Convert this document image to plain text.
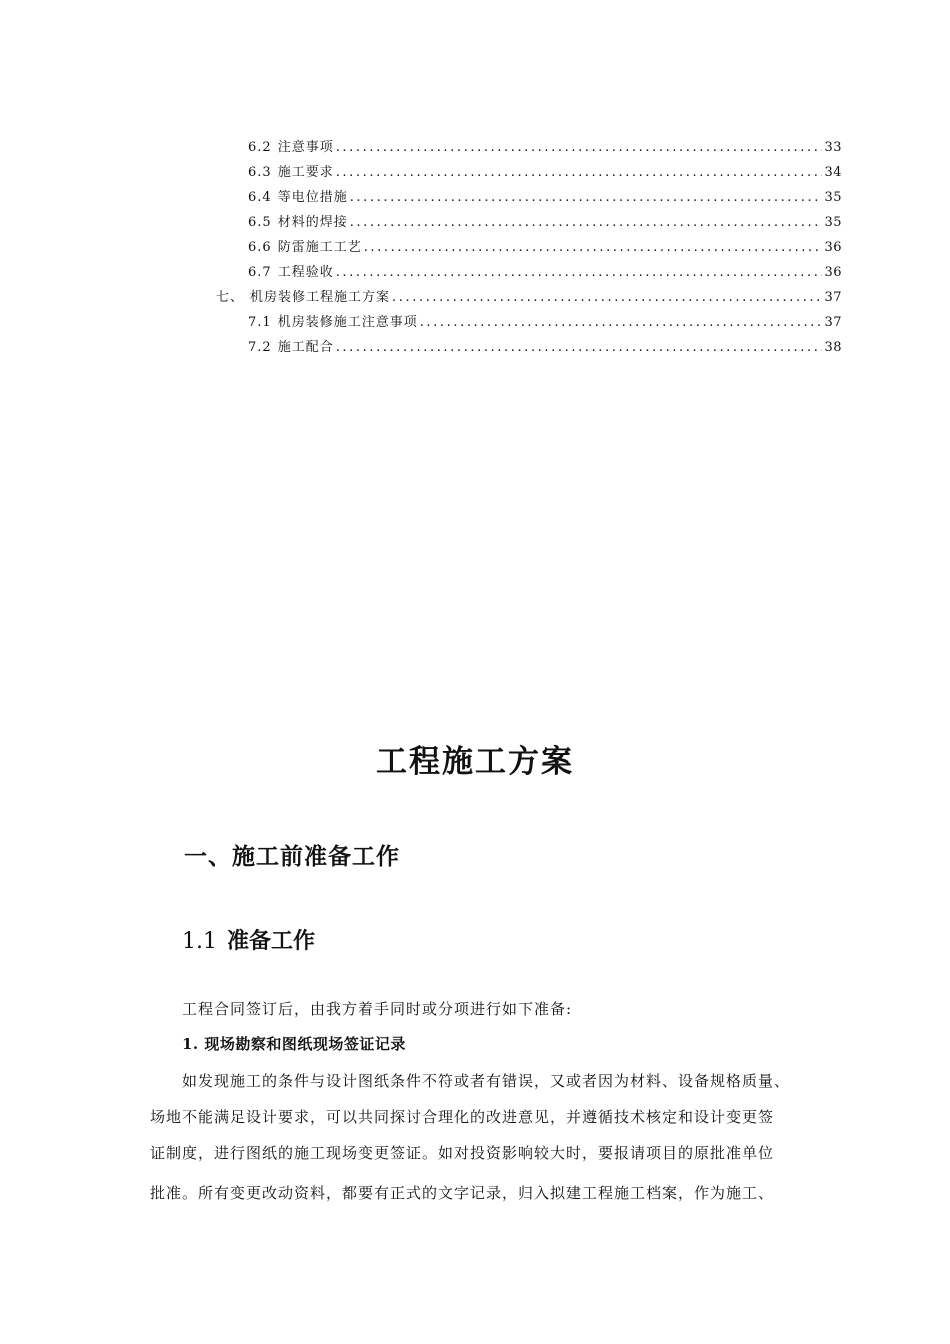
6.2 注意事项 .....	33
6.3 施工要求 .....	34
6.4 等电位措施 .....	35
6.5 材料的焊接 .....	35
6.6 防雷施工工艺 .....	36
6.7 工程验收 .....	36
七、 机房装修工程施工方案 .....	37
7.1 机房装修施工注意事项 .....	37
7.2 施工配合 .....	38
工程施工方案
一、施工前准备工作
1.1 准备工作
工程合同签订后，由我方着手同时或分项进行如下准备:
1. 现场勘察和图纸现场签证记录
如发现施工的条件与设计图纸条件不符或者有错误，又或者因为材料、设备规格质量、
场地不能满足设计要求，可以共同探讨合理化的改进意见，并遵循技术核定和设计变更签
证制度，进行图纸的施工现场变更签证。如对投资影响较大时，要报请项目的原批准单位
批准。所有变更改动资料，都要有正式的文字记录，归入拟建工程施工档案，作为施工、
